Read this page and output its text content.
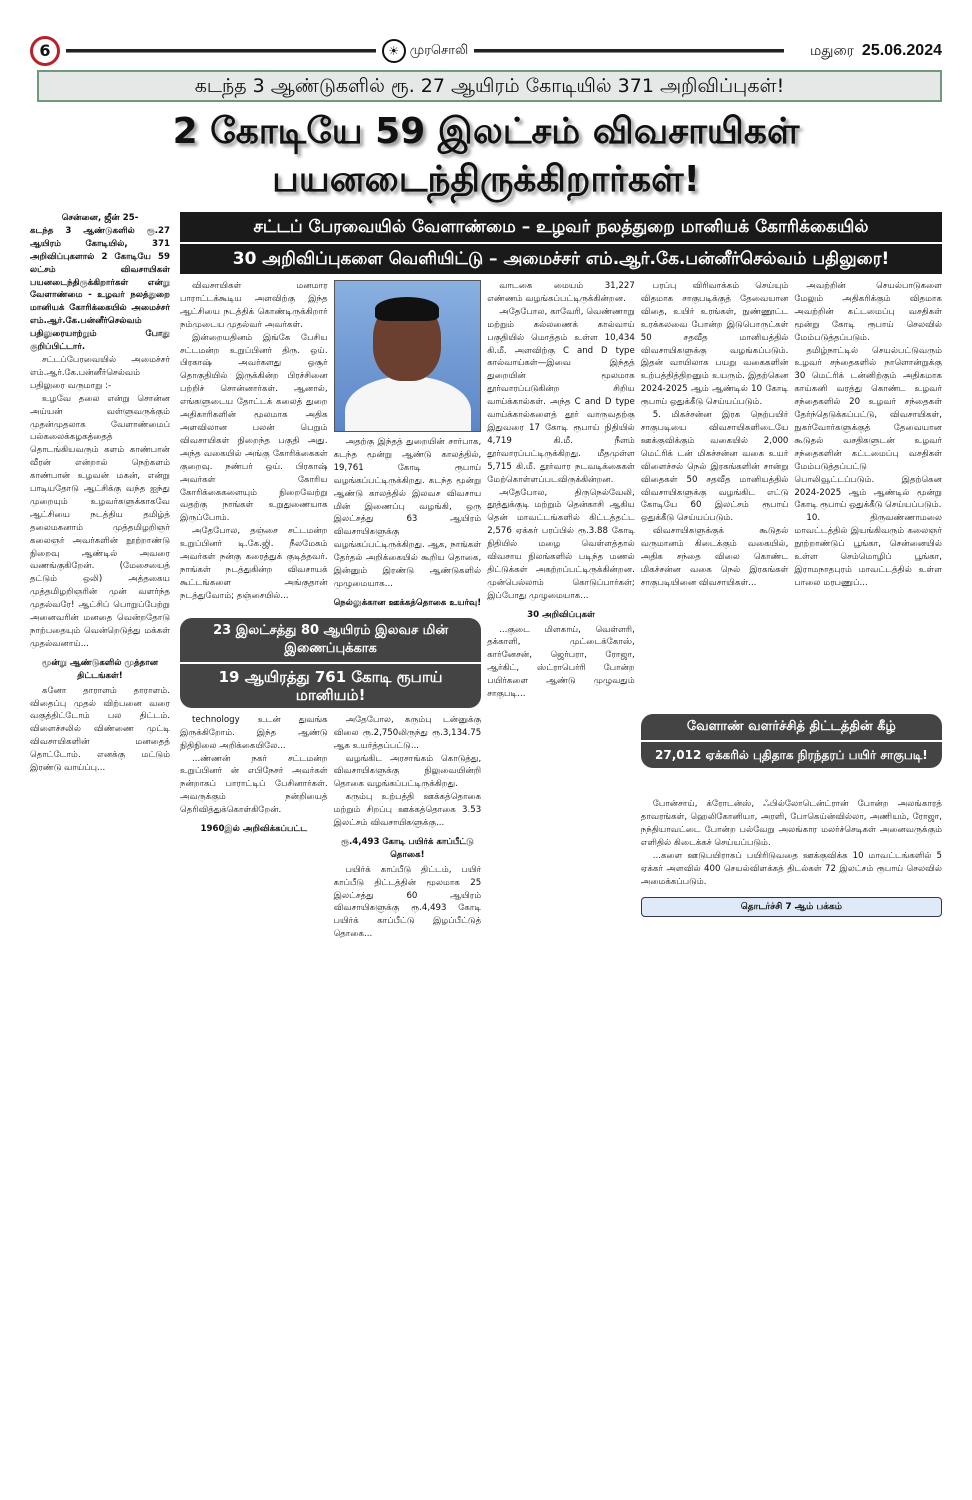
6	☀ முரசொலி	மதுரை 25.06.2024
கடந்த 3 ஆண்டுகளில் ரூ. 27 ஆயிரம் கோடியில் 371 அறிவிப்புகள்!
2 கோடியே 59 இலட்சம் விவசாயிகள் பயனடைந்திருக்கிறார்கள்!

சென்னை, ஜீன் 25-

கடந்த 3 ஆண்டுகளில் ரூ.27 ஆயிரம் கோடியில், 371 அறிவிப்புகளால் 2 கோடியே 59 லட்சம் விவசாயிகள் பயனடைந்திருக்கிறார்கள் என்று வேளாண்மை - உழவர் நலத்துறை மானியக் கோரிக்கையில் அமைச்சர் எம்.ஆர்.கே.பன்னீர்செல்வம் பதிலுரையாற்றும் போது குறிப்பிட்டார்.

சட்டப்பேரவையில் அமைச்சர் எம்.ஆர்.கே.பன்னீர்செல்வம் பதிலுரை வருமாறு :-

உழவே தலை என்று சொன்ன அய்யன் வள்ளுவருக்கும் முதன்முதலாக வேளாண்மைப் பல்கலைக்கழகத்தைத் தொடங்கியவரும் களம் காண்பான் வீரன் என்றால் நெற்களம் காண்பான் உழவன் மகன், என்று பாடியதோடு ஆட்சிக்கு வந்த ஐந்து முறையும் உழவர்களுக்காகவே ஆட்சியை நடத்திய தமிழ்த் தலைமகனாம் முத்தமிழறிஞர் கலைஞர் அவர்களின் நூற்றாண்டு நிறைவு ஆண்டில் அவரை வணங்குகிறேன். (மேசையைத் தட்டும் ஒலி) அத்தகைய முத்தமிழறிஞரின் முன் வளர்ந்த முதல்வரே! ஆட்சிப் பொறுப்பேற்று அனைவரின் மனதை வென்றதோடு நாற்பதையும் வென்றெடுத்து மக்கள் முதல்வனாய்...

மூன்று ஆண்டுகளில் முத்தான திட்டங்கள்!

கனோ தாராளம் தாராளம். விதைப்பு முதல் விற்பனை வரை வகுத்திட்டோம் பல திட்டம். விளைச்சலில் விண்ணை முட்டி விவசாயிகளின் மனதைத் தொட்டோம். எனக்கு மட்டும் இரண்டு வாய்ப்பு...

சட்டப் பேரவையில் வேளாண்மை – உழவர் நலத்துறை மானியக் கோரிக்கையில்
30 அறிவிப்புகளை வெளியிட்டு – அமைச்சர் எம்.ஆர்.கே.பன்னீர்செல்வம் பதிலுரை!

விவசாயிகள் மனமார பாராட்டக்கூடிய அளவிற்கு இந்த ஆட்சியை நடத்திக் கொண்டிருக்கிறார் நம்முடைய முதல்வர் அவர்கள்.

இன்றையதினம் இங்கே பேசிய சட்டமன்ற உறுப்பினர் திரு. ஒய். பிரகாஷ் அவர்களது ஒசூர் தொகுதியில் இருக்கின்ற பிரச்சினை பற்றிச் சொன்னார்கள். ஆனால், எங்களுடைய தோட்டக் கலைத் துறை அதிகாரிகளின் மூலமாக அதிக அளவிலான பலன் பெறும் விவசாயிகள் நிறைந்த பகுதி அது. அந்த வகையில் அங்கு கோரிக்கைகள் குறைவு. நண்பர் ஒய். பிரகாஷ் அவர்கள் கோரிய கோரிக்கைகளையும் நிறைவேற்று வதற்கு நாங்கள் உறுதுணையாக இருப்போம்.

அதேபோல, தஞ்சை சட்டமன்ற உறுப்பினர் டி.கே.ஜி. நீலமேகம் அவர்கள் நன்கு கரைத்துக் குடித்தவர். நாங்கள் நடத்துகின்ற விவசாயக் கூட்டங்களை அங்குதான் நடத்துவோம்; தஞ்சையில்...

அதற்கு இந்தத் துறையின் சார்பாக, கடந்த மூன்று ஆண்டு காலத்தில், 19,761 கோடி ரூபாய் வழங்கப்பட்டிருக்கிறது. கடந்த மூன்று ஆண்டு காலத்தில் இலவச விவசாய மின் இணைப்பு வழங்கி, ஒரு இலட்சத்து 63 ஆயிரம் விவசாயிகளுக்கு வழங்கப்பட்டிருக்கிறது. ஆக, நாங்கள் தேர்தல் அறிக்கையில் கூறிய தொகை, இன்னும் இரண்டு ஆண்டுகளில் முழுமையாக...

நெல்லுக்கான ஊக்கத்தொகை உயர்வு!

வாடகை மையம் 31,227 எண்ணம் வழங்கப்பட்டிருக்கின்றன.

அதேபோல, காவேரி, வெண்ணாறு மற்றும் கல்லணைக் கால்வாய் பகுதியில் மொத்தம் உள்ள 10,434 கி.மீ. அளவிற்கு C and D type கால்வாய்கள்—இவை இந்தத் துறையின் மூலமாக தூர்வாரப்படுகின்ற சிறிய வாய்க்கால்கள். அந்த C and D type வாய்க்கால்களைத் தூர் வாருவதற்கு இதுவரை 17 கோடி ரூபாய் நிதியில் 4,719 கி.மீ. நீளம் தூர்வாரப்பட்டிருக்கிறது. மீதமுள்ள 5,715 கி.மீ. தூர்வார நடவடிக்கைகள் மேற்கொள்ளப்படவிருக்கின்றன.

அதேபோல, திருநெல்வேலி, தூத்துக்குடி மற்றும் தென்காசி ஆகிய தென் மாவட்டங்களில் கிட்டத்தட்ட 2,576 ஏக்கர் பரப்பில் ரூ.3.88 கோடி நிதியில் மழை வெள்ளத்தால் விவசாய நிலங்களில் படிந்த மணல் திட்டுக்கள் அகற்றப்பட்டிருக்கின்றன. முன்பெல்லாம் கொடுப்பார்கள்; இப்போது முழுமையாக...

30 அறிவிப்புகள்

...குடை மிளகாய், வெள்ளரி, தக்காளி, முட்டைக்கோஸ், கார்னேசன், ஜெர்பரா, ரோஜா, ஆர்கிட், ஸ்ட்ராபெர்ரி போன்ற பயிர்களை ஆண்டு முழுவதும் சாகுபடி...

பரப்பு விரிவாக்கம் செய்யும் விதமாக சாகுபடிக்குத் தேவையான விதை, உயிர் உரங்கள், நுண்ணூட்ட உரக்கலவை போன்ற இடுபொருட்கள் 50 சதவீத மானியத்தில் விவசாயிகளுக்கு வழங்கப்படும். இதன் வாயிலாக பயறு வகைகளின் உற்பத்தித்திறனும் உயரும். இதற்கென 2024-2025 ஆம் ஆண்டில் 10 கோடி ரூபாய் ஒதுக்கீடு செய்யப்படும்.

5. மிகச்சன்ன இரக நெற்பயிர் சாகுபடியை விவசாயிகளிடையே ஊக்குவிக்கும் வகையில் 2,000 மெட்ரிக் டன் மிகச்சன்ன வகை உயர் விளைச்சல் நெல் இரகங்களின் சான்று விதைகள் 50 சதவீத மானியத்தில் விவசாயிகளுக்கு வழங்கிட எட்டு கோடியே 60 இலட்சம் ரூபாய் ஒதுக்கீடு செய்யப்படும்.

விவசாயிகளுக்குக் கூடுதல் வருமானம் கிடைக்கும் வகையில், அதிக சந்தை விலை கொண்ட மிகச்சன்ன வகை நெல் இரகங்கள் சாகுபடியினை விவசாயிகள்...

அவற்றின் செயல்பாடுகளை மேலும் அதிகரிக்கும் விதமாக அவற்றின் கட்டமைப்பு வசதிகள் மூன்று கோடி ரூபாய் செலவில் மேம்படுத்தப்படும்.

தமிழ்நாட்டில் செயல்பட்டுவரும் உழவர் சந்தைகளில் நாளொன்றுக்கு 30 மெட்ரிக் டன்னிற்கும் அதிகமாக காய்கனி வரத்து கொண்ட உழவர் சந்தைகளில் 20 உழவர் சந்தைகள் தேர்ந்தெடுக்கப்பட்டு, விவசாயிகள், நுகர்வோர்களுக்குத் தேவையான கூடுதல் வசதிகளுடன் உழவர் சந்தைகளின் கட்டமைப்பு வசதிகள் மேம்படுத்தப்பட்டு பொலிவூட்டப்படும். இதற்கென 2024-2025 ஆம் ஆண்டில் மூன்று கோடி ரூபாய் ஒதுக்கீடு செய்யப்படும்.

10. திருவண்ணாமலை மாவட்டத்தில் இயங்கிவரும் கலைஞர் நூற்றாண்டுப் பூங்கா, சென்னையில் உள்ள செம்மொழிப் பூங்கா, இராமநாதபுரம் மாவட்டத்தில் உள்ள பாலை மரபணுப்...

23 இலட்சத்து 80 ஆயிரம் இலவச மின் இணைப்புக்காக
19 ஆயிரத்து 761 கோடி ரூபாய் மானியம்!

technology உடன் துவங்க இருக்கிறோம். இந்த ஆண்டு நிதிநிலை அறிக்கையிலே...

...ண்ணன் நகர் சட்டமன்ற உறுப்பினர் ன் எபிநேசர் அவர்கள் நன்றாகப் பாராட்டிப் பேசினார்கள். அவருக்கும் நன்றியைத் தெரிவித்துக்கொள்கிறேன்.

1960இல் அறிவிக்கப்பட்ட

அதேபோல, கரும்பு டன்னுக்கு விலை ரூ.2,750லிருந்து ரூ.3,134.75 ஆக உயர்த்தப்பட்டு...

வழங்கிட அரசாங்கம் கொடுத்து, விவசாயிகளுக்கு நிலுவையின்றி தொகை வழங்கப்பட்டிருக்கிறது.

கரும்பு உற்பத்தி ஊக்கத்தொகை மற்றும் சிறப்பு ஊக்கத்தொகை 3.53 இலட்சம் விவசாயிகளுக்கு...

ரூ.4,493 கோடி பயிர்க் காப்பீட்டு தொகை!

பயிர்க் காப்பீடு திட்டம், பயிர் காப்பீடு திட்டத்தின் மூலமாக 25 இலட்சத்து 60 ஆயிரம் விவசாயிகளுக்கு ரூ.4,493 கோடி பயிர்க் காப்பீட்டு இழப்பீட்டுத் தொகை...

வேளாண் வளர்ச்சித் திட்டத்தின் கீழ்
27,012 ஏக்கரில் புதிதாக நிரந்தரப் பயிர் சாகுபடி!

போன்சாய், க்ரோடன்ஸ், ஃபில்லோடென்ட்ரான் போன்ற அலங்காரத் தாவரங்கள், ஹெலிகோனியா, அரளி, போகெய்ன்வில்லா, அணியம், ரோஜா, நந்தியாவட்டை போன்ற பல்வேறு அலங்கார மலர்ச்செடிகள் அனைவருக்கும் எளிதில் கிடைக்கச் செய்யப்படும்.

...களை ஊடுபயிராகப் பயிரிடுவதை ஊக்குவிக்க 10 மாவட்டங்களில் 5 ஏக்கர் அளவில் 400 செயல்விளக்கத் திடல்கள் 72 இலட்சம் ரூபாய் செலவில் அமைக்கப்படும்.

தொடர்ச்சி 7 ஆம் பக்கம்
